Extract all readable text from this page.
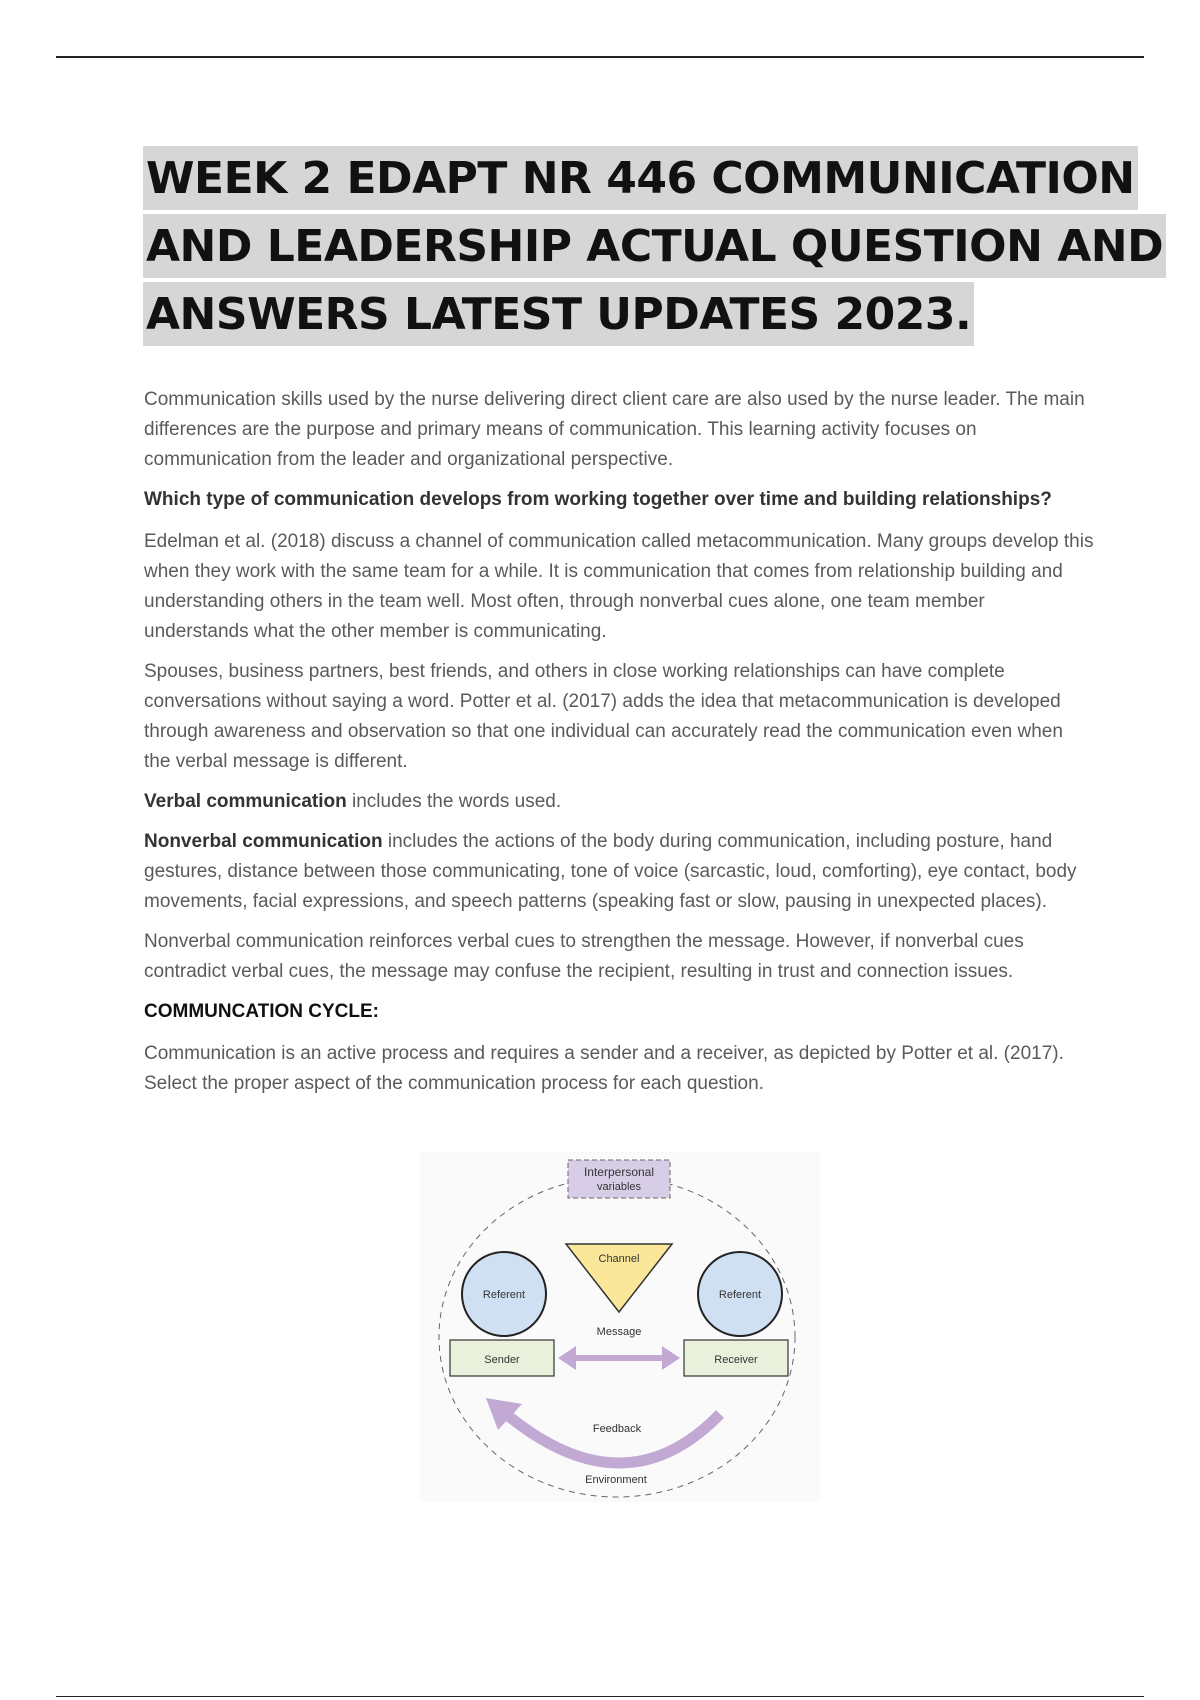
WEEK 2 EDAPT NR 446 COMMUNICATION
AND LEADERSHIP ACTUAL QUESTION AND
ANSWERS LATEST UPDATES 2023.

Communication skills used by the nurse delivering direct client care are also used by the nurse leader. The main differences are the purpose and primary means of communication. This learning activity focuses on communication from the leader and organizational perspective.

Which type of communication develops from working together over time and building relationships?

Edelman et al. (2018) discuss a channel of communication called metacommunication. Many groups develop this when they work with the same team for a while. It is communication that comes from relationship building and understanding others in the team well. Most often, through nonverbal cues alone, one team member understands what the other member is communicating.

Spouses, business partners, best friends, and others in close working relationships can have complete conversations without saying a word. Potter et al. (2017) adds the idea that metacommunication is developed through awareness and observation so that one individual can accurately read the communication even when the verbal message is different.

Verbal communication includes the words used.

Nonverbal communication includes the actions of the body during communication, including posture, hand gestures, distance between those communicating, tone of voice (sarcastic, loud, comforting), eye contact, body movements, facial expressions, and speech patterns (speaking fast or slow, pausing in unexpected places).

Nonverbal communication reinforces verbal cues to strengthen the message. However, if nonverbal cues contradict verbal cues, the message may confuse the recipient, resulting in trust and connection issues.

COMMUNCATION CYCLE:

Communication is an active process and requires a sender and a receiver, as depicted by Potter et al. (2017). Select the proper aspect of the communication process for each question.

Interpersonal
variables
Channel
Referent	Referent
Sender	Receiver
Message
Feedback
Environment
